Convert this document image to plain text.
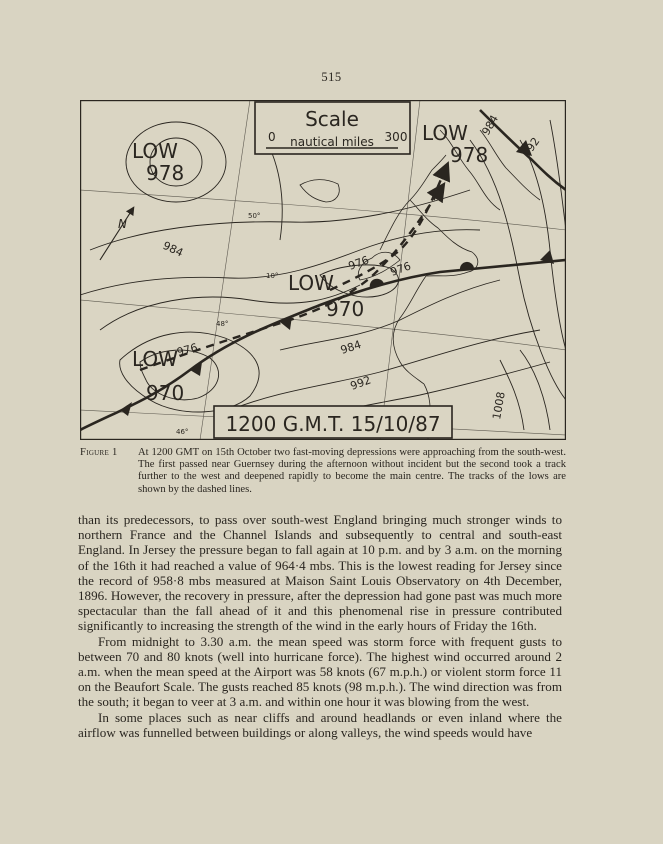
515
Scale
0 nautical miles 300
1200 G.M.T. 15/10/87
LOW
978
LOW
978
LOW
970
LOW
970
N
984
976
976	984
992
992
984
1008
976
50°
48°
46°
10°
Figure 1 At 1200 GMT on 15th October two fast-moving depressions were approaching from the south-west. The first passed near Guernsey during the afternoon without incident but the second took a track further to the west and deepened rapidly to become the main centre. The tracks of the lows are shown by the dashed lines.

than its predecessors, to pass over south-west England bringing much stronger winds to northern France and the Channel Islands and subsequently to central and south-east England. In Jersey the pressure began to fall again at 10 p.m. and by 3 a.m. on the morning of the 16th it had reached a value of 964·4 mbs. This is the lowest reading for Jersey since the record of 958·8 mbs measured at Maison Saint Louis Observatory on 4th December, 1896. However, the recovery in pressure, after the depression had gone past was much more spectacular than the fall ahead of it and this phenomenal rise in pressure contributed significantly to increasing the strength of the wind in the early hours of Friday the 16th.

From midnight to 3.30 a.m. the mean speed was storm force with frequent gusts to between 70 and 80 knots (well into hurricane force). The highest wind occurred around 2 a.m. when the mean speed at the Airport was 58 knots (67 m.p.h.) or violent storm force 11 on the Beaufort Scale. The gusts reached 85 knots (98 m.p.h.). The wind direction was from the south; it began to veer at 3 a.m. and within one hour it was blowing from the west.

In some places such as near cliffs and around headlands or even inland where the airflow was funnelled between buildings or along valleys, the wind speeds would have
